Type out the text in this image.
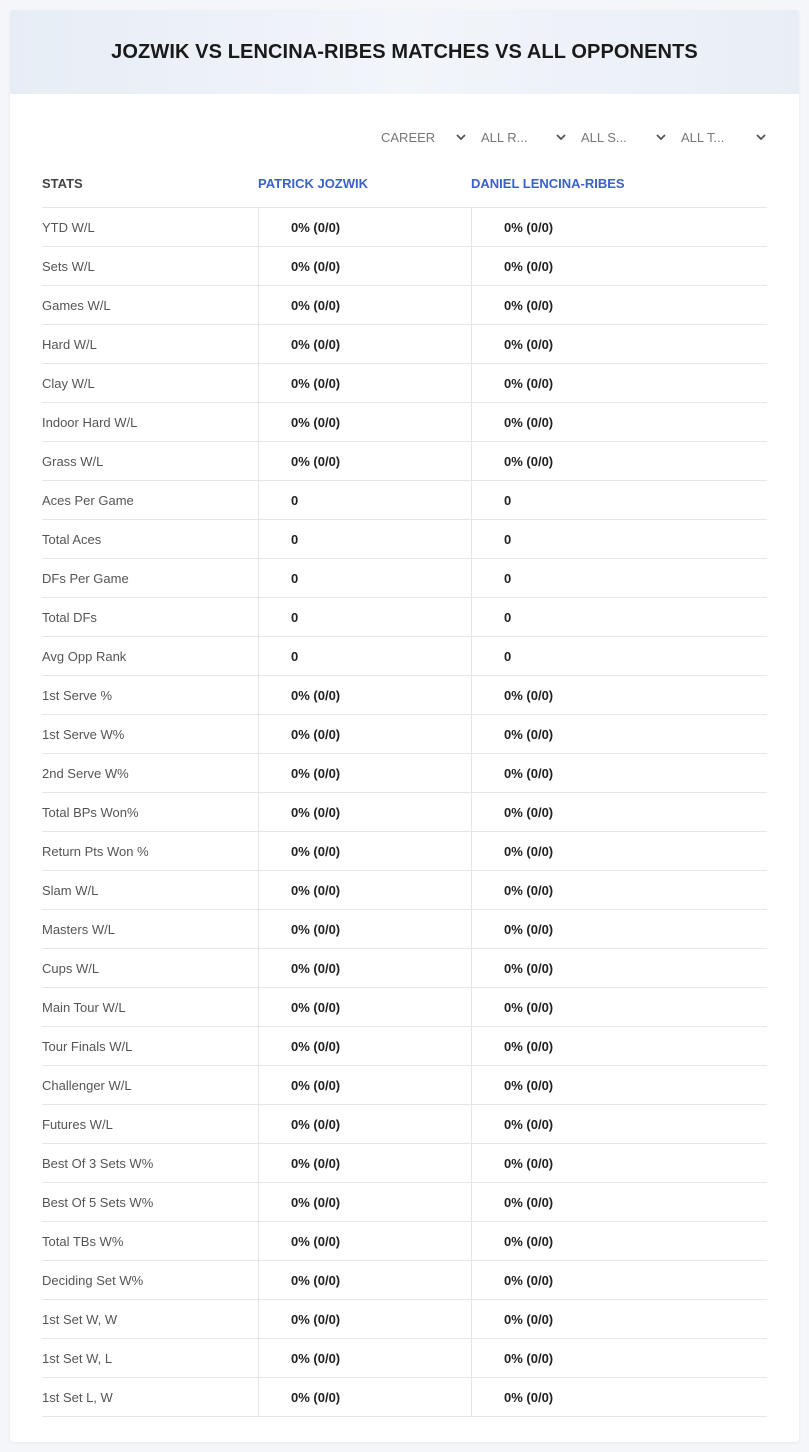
JOZWIK VS LENCINA-RIBES MATCHES VS ALL OPPONENTS
CAREER	ALL R...	ALL S...	ALL T...
STATS	PATRICK JOZWIK	DANIEL LENCINA-RIBES
YTD W/L	0% (0/0)	0% (0/0)
Sets W/L	0% (0/0)	0% (0/0)
Games W/L	0% (0/0)	0% (0/0)
Hard W/L	0% (0/0)	0% (0/0)
Clay W/L	0% (0/0)	0% (0/0)
Indoor Hard W/L	0% (0/0)	0% (0/0)
Grass W/L	0% (0/0)	0% (0/0)
Aces Per Game	0	0
Total Aces	0	0
DFs Per Game	0	0
Total DFs	0	0
Avg Opp Rank	0	0
1st Serve %	0% (0/0)	0% (0/0)
1st Serve W%	0% (0/0)	0% (0/0)
2nd Serve W%	0% (0/0)	0% (0/0)
Total BPs Won%	0% (0/0)	0% (0/0)
Return Pts Won %	0% (0/0)	0% (0/0)
Slam W/L	0% (0/0)	0% (0/0)
Masters W/L	0% (0/0)	0% (0/0)
Cups W/L	0% (0/0)	0% (0/0)
Main Tour W/L	0% (0/0)	0% (0/0)
Tour Finals W/L	0% (0/0)	0% (0/0)
Challenger W/L	0% (0/0)	0% (0/0)
Futures W/L	0% (0/0)	0% (0/0)
Best Of 3 Sets W%	0% (0/0)	0% (0/0)
Best Of 5 Sets W%	0% (0/0)	0% (0/0)
Total TBs W%	0% (0/0)	0% (0/0)
Deciding Set W%	0% (0/0)	0% (0/0)
1st Set W, W	0% (0/0)	0% (0/0)
1st Set W, L	0% (0/0)	0% (0/0)
1st Set L, W	0% (0/0)	0% (0/0)
